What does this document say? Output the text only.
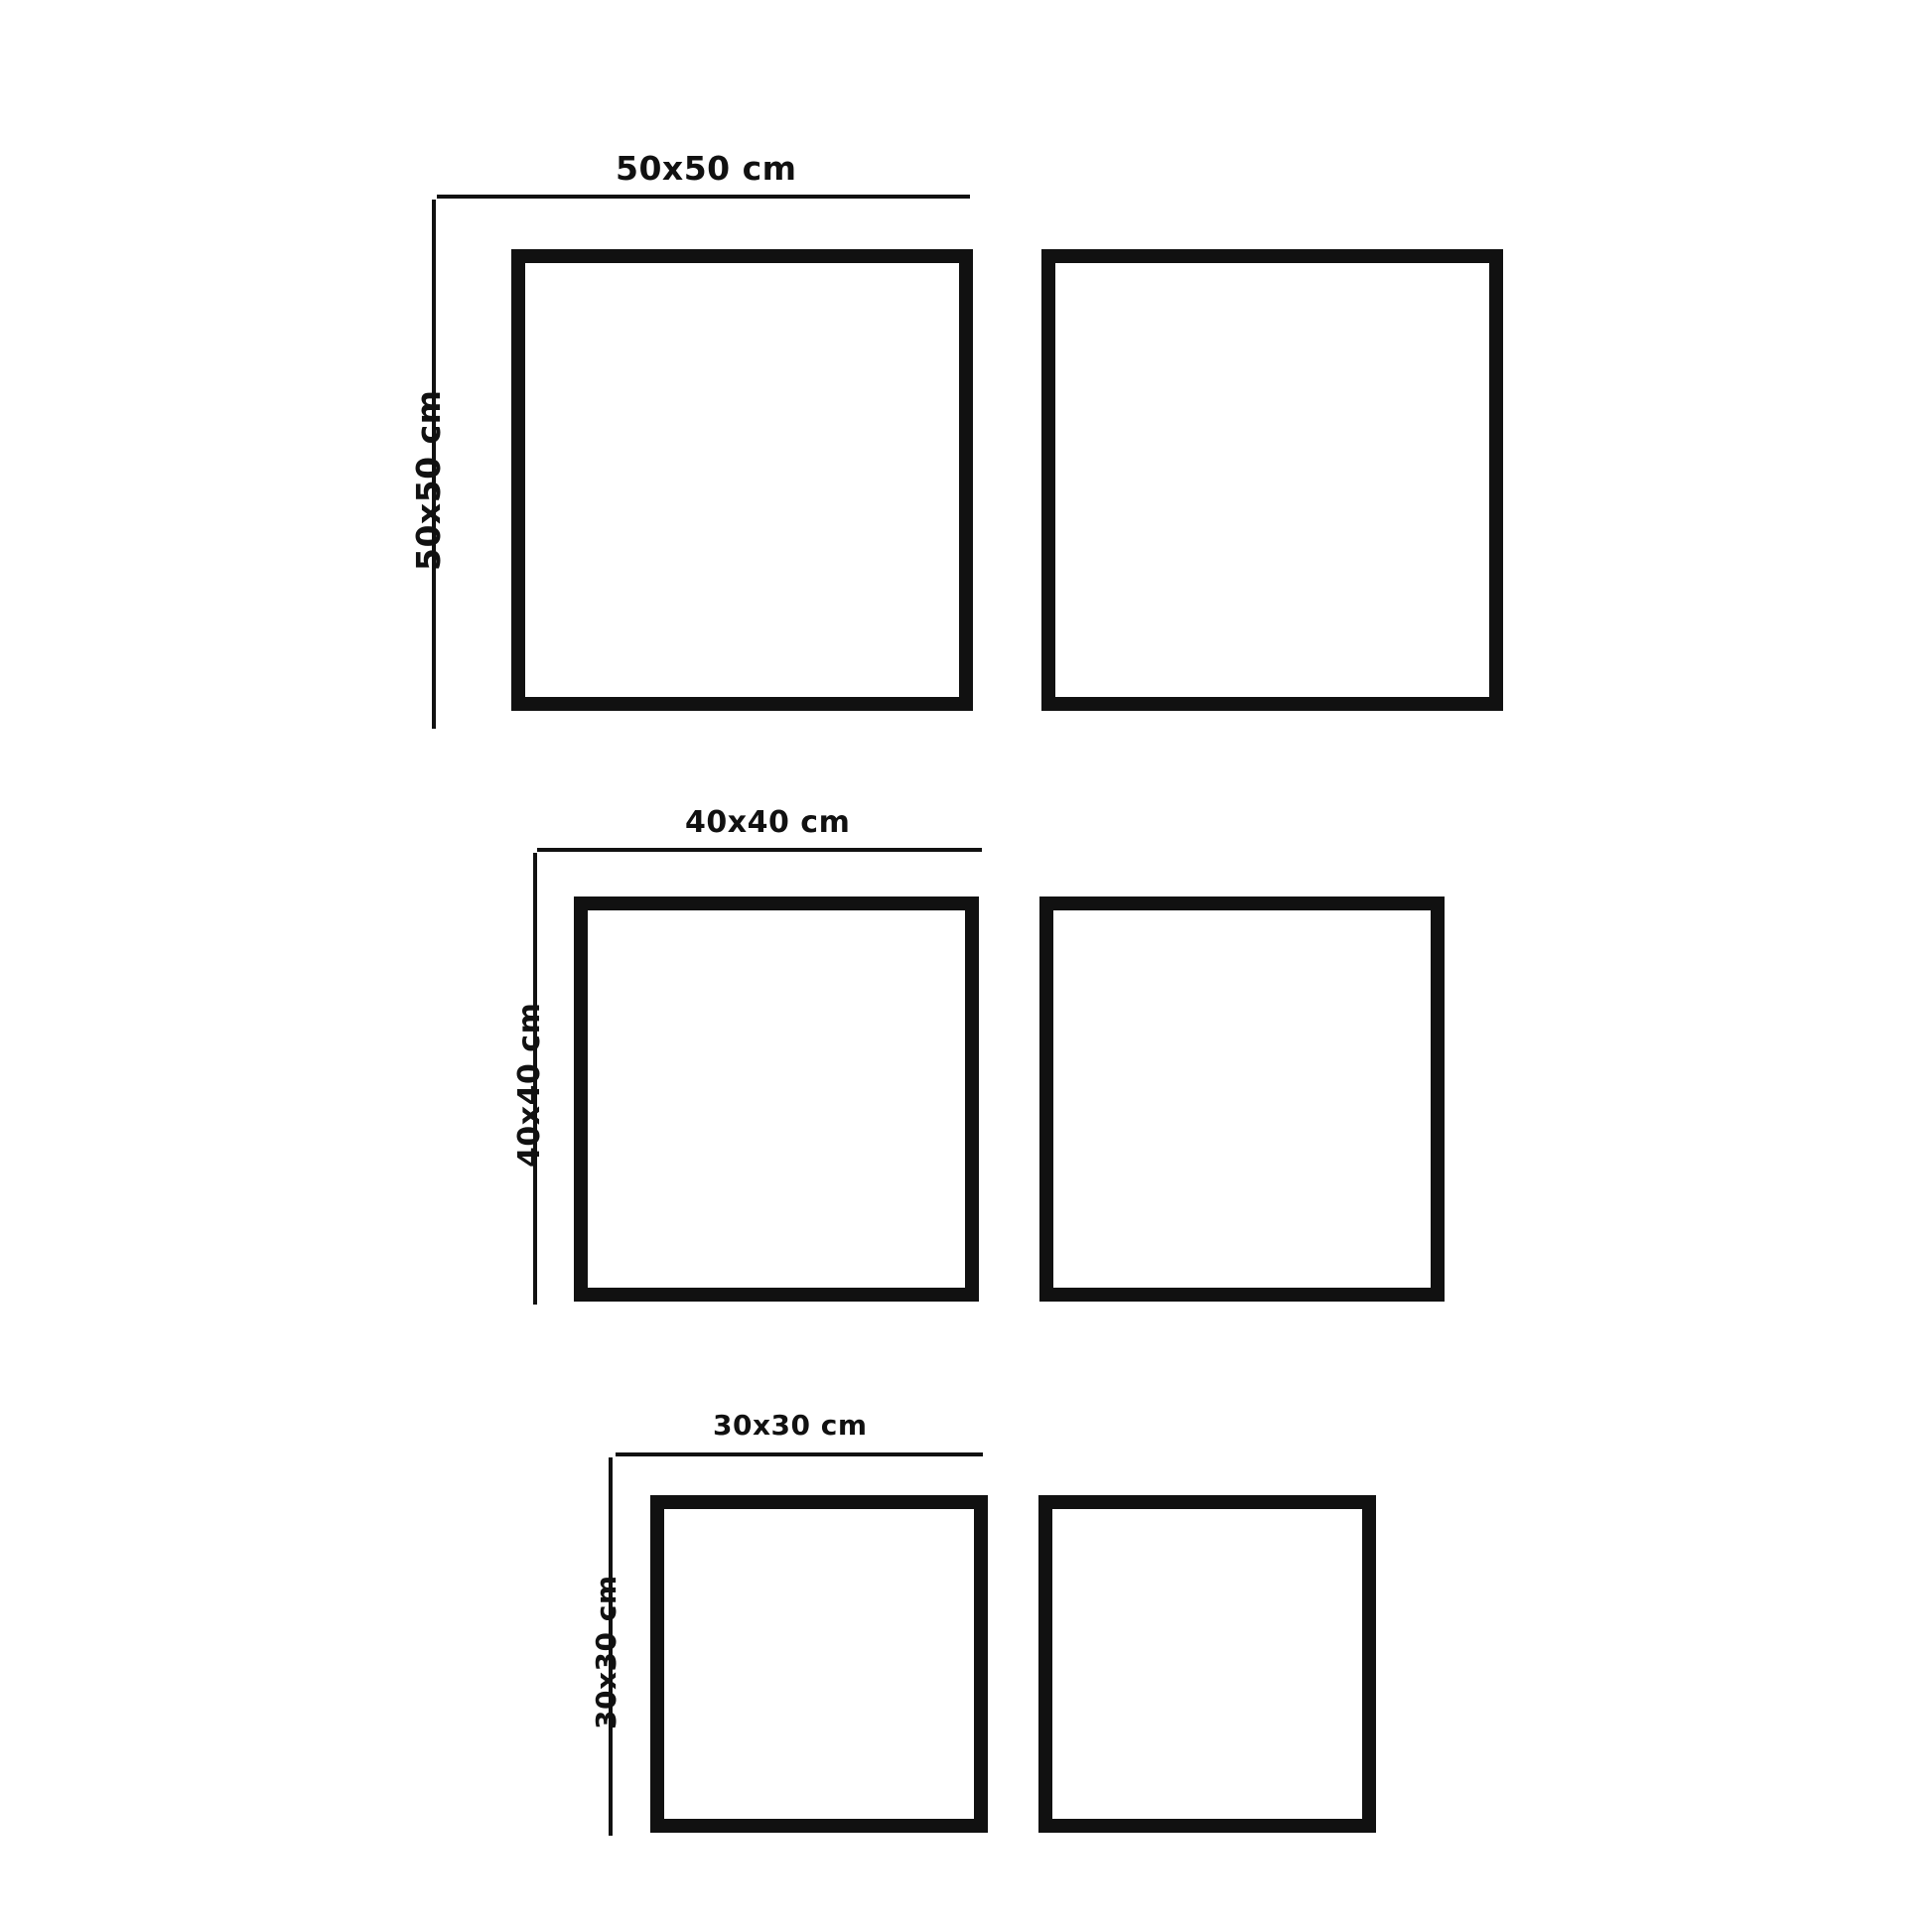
50x50 cm
50x50 cm
40x40 cm
40x40 cm
30x30 cm
30x30 cm
